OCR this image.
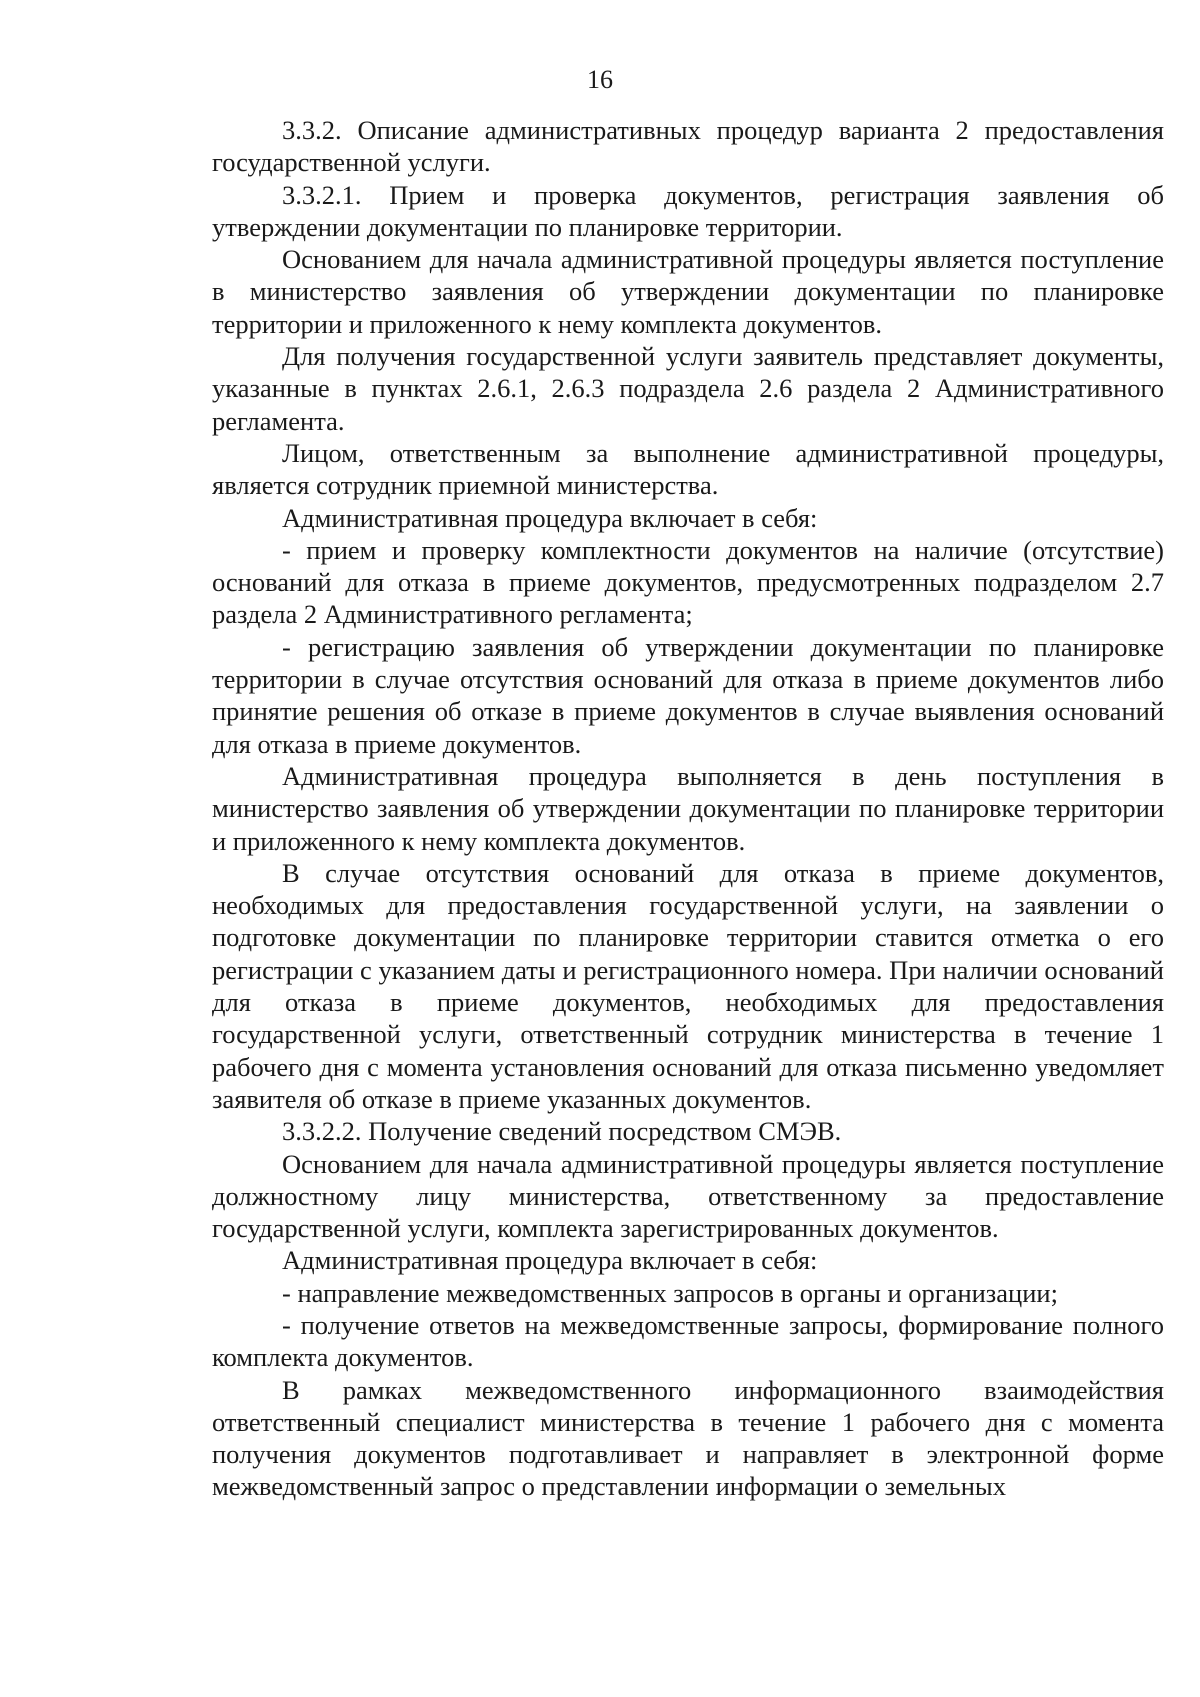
16

3.3.2. Описание административных процедур варианта 2 предоставления государственной услуги.

3.3.2.1. Прием и проверка документов, регистрация заявления об утверждении документации по планировке территории.

Основанием для начала административной процедуры является поступление в министерство заявления об утверждении документации по планировке территории и приложенного к нему комплекта документов.

Для получения государственной услуги заявитель представляет документы, указанные в пунктах 2.6.1, 2.6.3 подраздела 2.6 раздела 2 Административного регламента.

Лицом, ответственным за выполнение административной процедуры, является сотрудник приемной министерства.

Административная процедура включает в себя:

- прием и проверку комплектности документов на наличие (отсутствие) оснований для отказа в приеме документов, предусмотренных подразделом 2.7 раздела 2 Административного регламента;

- регистрацию заявления об утверждении документации по планировке территории в случае отсутствия оснований для отказа в приеме документов либо принятие решения об отказе в приеме документов в случае выявления оснований для отказа в приеме документов.

Административная процедура выполняется в день поступления в министерство заявления об утверждении документации по планировке территории и приложенного к нему комплекта документов.

В случае отсутствия оснований для отказа в приеме документов, необходимых для предоставления государственной услуги, на заявлении о подготовке документации по планировке территории ставится отметка о его регистрации с указанием даты и регистрационного номера. При наличии оснований для отказа в приеме документов, необходимых для предоставления государственной услуги, ответственный сотрудник министерства в течение 1 рабочего дня с момента установления оснований для отказа письменно уведомляет заявителя об отказе в приеме указанных документов.

3.3.2.2. Получение сведений посредством СМЭВ.

Основанием для начала административной процедуры является поступление должностному лицу министерства, ответственному за предоставление государственной услуги, комплекта зарегистрированных документов.

Административная процедура включает в себя:

- направление межведомственных запросов в органы и организации;

- получение ответов на межведомственные запросы, формирование полного комплекта документов.

В рамках межведомственного информационного взаимодействия ответственный специалист министерства в течение 1 рабочего дня с момента получения документов подготавливает и направляет в электронной форме межведомственный запрос о представлении информации о земельных
